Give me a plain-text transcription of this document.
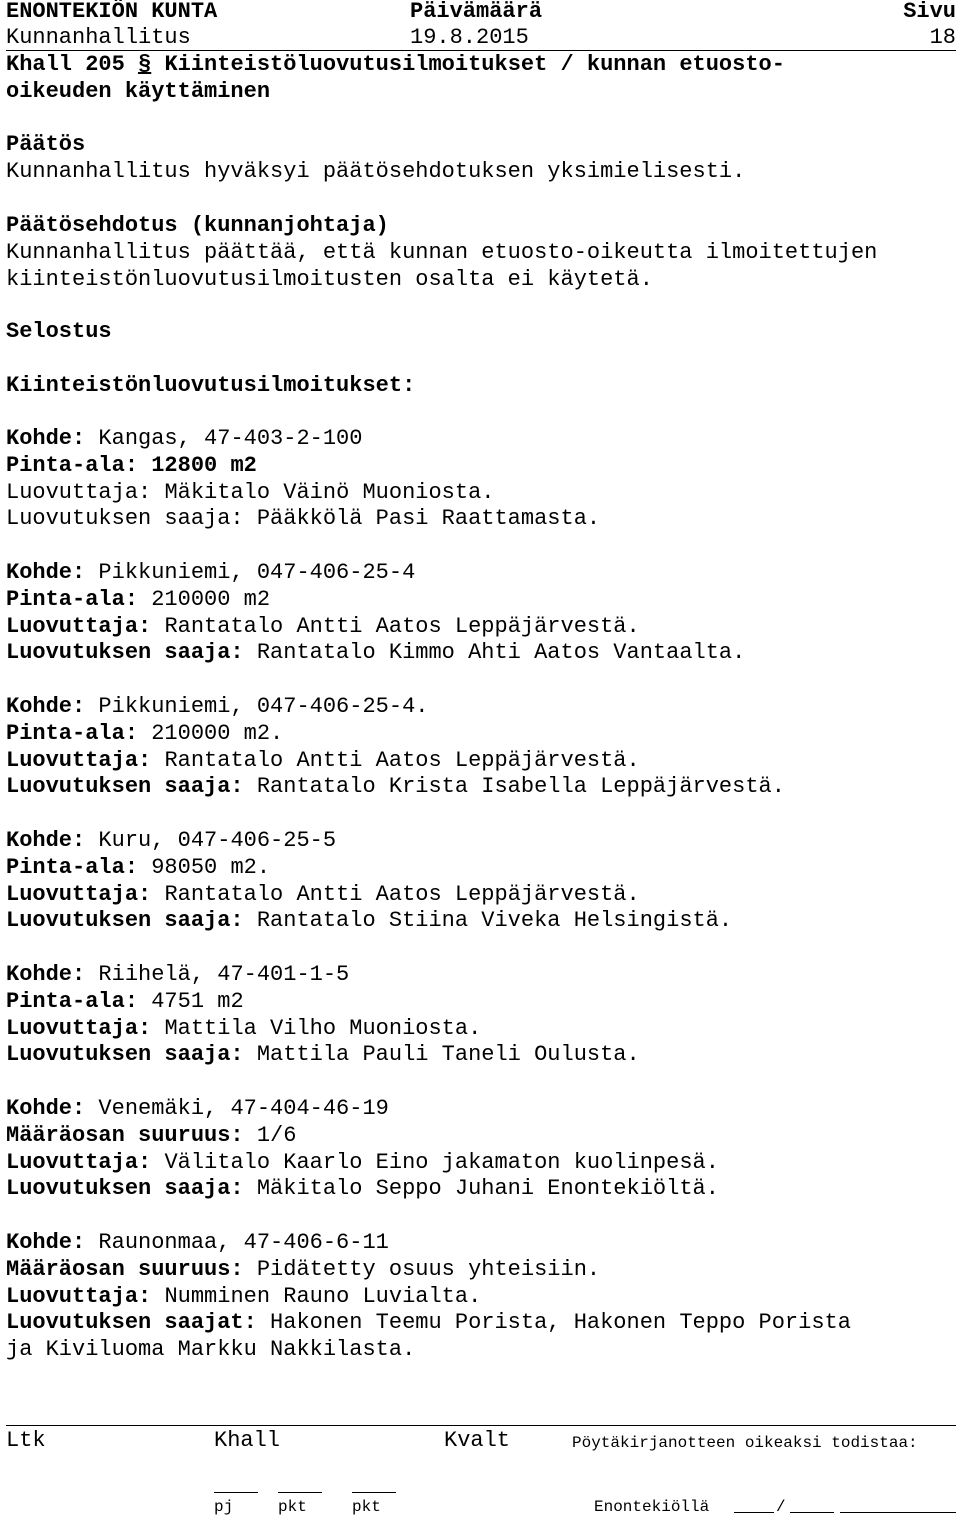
ENONTEKIÖN KUNTA	Päivämäärä	Sivu
Kunnanhallitus	19.8.2015	18
Khall 205 § Kiinteistöluovutusilmoitukset / kunnan etuosto-
oikeuden käyttäminen
Päätös
Kunnanhallitus hyväksyi päätösehdotuksen yksimielisesti.
Päätösehdotus (kunnanjohtaja)
Kunnanhallitus päättää, että kunnan etuosto-oikeutta ilmoitettujen
kiinteistönluovutusilmoitusten osalta ei käytetä.
Selostus
Kiinteistönluovutusilmoitukset:
Kohde: Kangas, 47-403-2-100
Pinta-ala: 12800 m2
Luovuttaja: Mäkitalo Väinö Muoniosta.
Luovutuksen saaja: Pääkkölä Pasi Raattamasta.
Kohde: Pikkuniemi, 047-406-25-4
Pinta-ala: 210000 m2
Luovuttaja: Rantatalo Antti Aatos Leppäjärvestä.
Luovutuksen saaja: Rantatalo Kimmo Ahti Aatos Vantaalta.
Kohde: Pikkuniemi, 047-406-25-4.
Pinta-ala: 210000 m2.
Luovuttaja: Rantatalo Antti Aatos Leppäjärvestä.
Luovutuksen saaja: Rantatalo Krista Isabella Leppäjärvestä.
Kohde: Kuru, 047-406-25-5
Pinta-ala: 98050 m2.
Luovuttaja: Rantatalo Antti Aatos Leppäjärvestä.
Luovutuksen saaja: Rantatalo Stiina Viveka Helsingistä.
Kohde: Riihelä, 47-401-1-5
Pinta-ala: 4751 m2
Luovuttaja: Mattila Vilho Muoniosta.
Luovutuksen saaja: Mattila Pauli Taneli Oulusta.
Kohde: Venemäki, 47-404-46-19
Määräosan suuruus: 1/6
Luovuttaja: Välitalo Kaarlo Eino jakamaton kuolinpesä.
Luovutuksen saaja: Mäkitalo Seppo Juhani Enontekiöltä.
Kohde: Raunonmaa, 47-406-6-11
Määräosan suuruus: Pidätetty osuus yhteisiin.
Luovuttaja: Numminen Rauno Luvialta.
Luovutuksen saajat: Hakonen Teemu Porista, Hakonen Teppo Porista
ja Kiviluoma Markku Nakkilasta.
Ltk	Khall	Kvalt	Pöytäkirjanotteen oikeaksi todistaa:
pj	pkt	pkt	Enontekiöllä	/
